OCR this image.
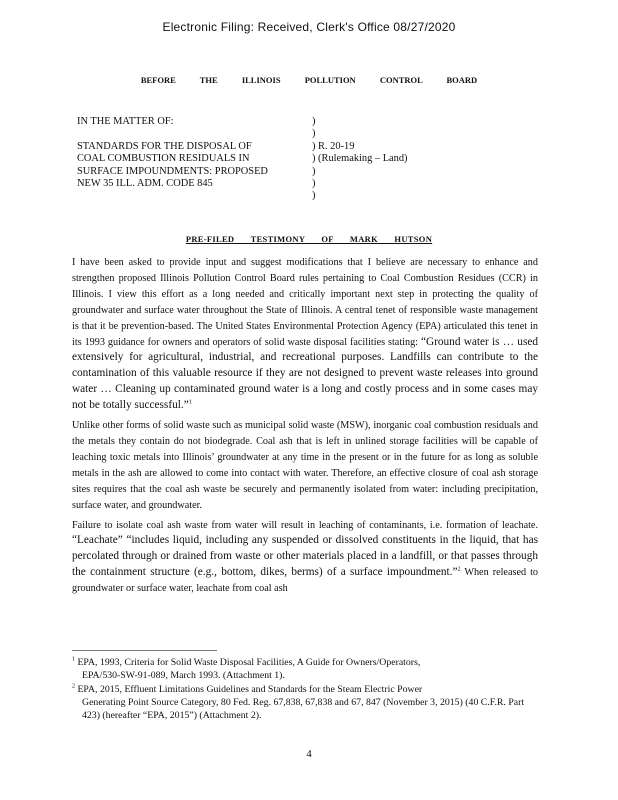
Electronic Filing: Received, Clerk's Office 08/27/2020
BEFORE THE ILLINOIS POLLUTION CONTROL BOARD
IN THE MATTER OF:

STANDARDS FOR THE DISPOSAL OF
COAL COMBUSTION RESIDUALS IN
SURFACE IMPOUNDMENTS: PROPOSED
NEW 35 ILL. ADM. CODE 845
)
)
) R. 20-19
) (Rulemaking – Land)
)
)
)
PRE-FILED TESTIMONY OF MARK HUTSON

I have been asked to provide input and suggest modifications that I believe are necessary to enhance and strengthen proposed Illinois Pollution Control Board rules pertaining to Coal Combustion Residues (CCR) in Illinois. I view this effort as a long needed and critically important next step in protecting the quality of groundwater and surface water throughout the State of Illinois. A central tenet of responsible waste management is that it be prevention-based. The United States Environmental Protection Agency (EPA) articulated this tenet in its 1993 guidance for owners and operators of solid waste disposal facilities stating: “Ground water is … used extensively for agricultural, industrial, and recreational purposes. Landfills can contribute to the contamination of this valuable resource if they are not designed to prevent waste releases into ground water … Cleaning up contaminated ground water is a long and costly process and in some cases may not be totally successful.”$^1$

Unlike other forms of solid waste such as municipal solid waste (MSW), inorganic coal combustion residuals and the metals they contain do not biodegrade. Coal ash that is left in unlined storage facilities will be capable of leaching toxic metals into Illinois’ groundwater at any time in the present or in the future for as long as soluble metals in the ash are allowed to come into contact with water. Therefore, an effective closure of coal ash storage sites requires that the coal ash waste be securely and permanently isolated from water: including precipitation, surface water, and groundwater.

Failure to isolate coal ash waste from water will result in leaching of contaminants, i.e. formation of leachate. “Leachate” “includes liquid, including any suspended or dissolved constituents in the liquid, that has percolated through or drained from waste or other materials placed in a landfill, or that passes through the containment structure (e.g., bottom, dikes, berms) of a surface impoundment.”$^2$ When released to groundwater or surface water, leachate from coal ash

$^1$ EPA, 1993, Criteria for Solid Waste Disposal Facilities, A Guide for Owners/Operators,
EPA/530-SW-91-089, March 1993. (Attachment 1).
$^2$ EPA, 2015, Effluent Limitations Guidelines and Standards for the Steam Electric Power
Generating Point Source Category, 80 Fed. Reg. 67,838, 67,838 and 67, 847 (November 3, 2015) (40 C.F.R. Part 423) (hereafter “EPA, 2015”) (Attachment 2).
4
